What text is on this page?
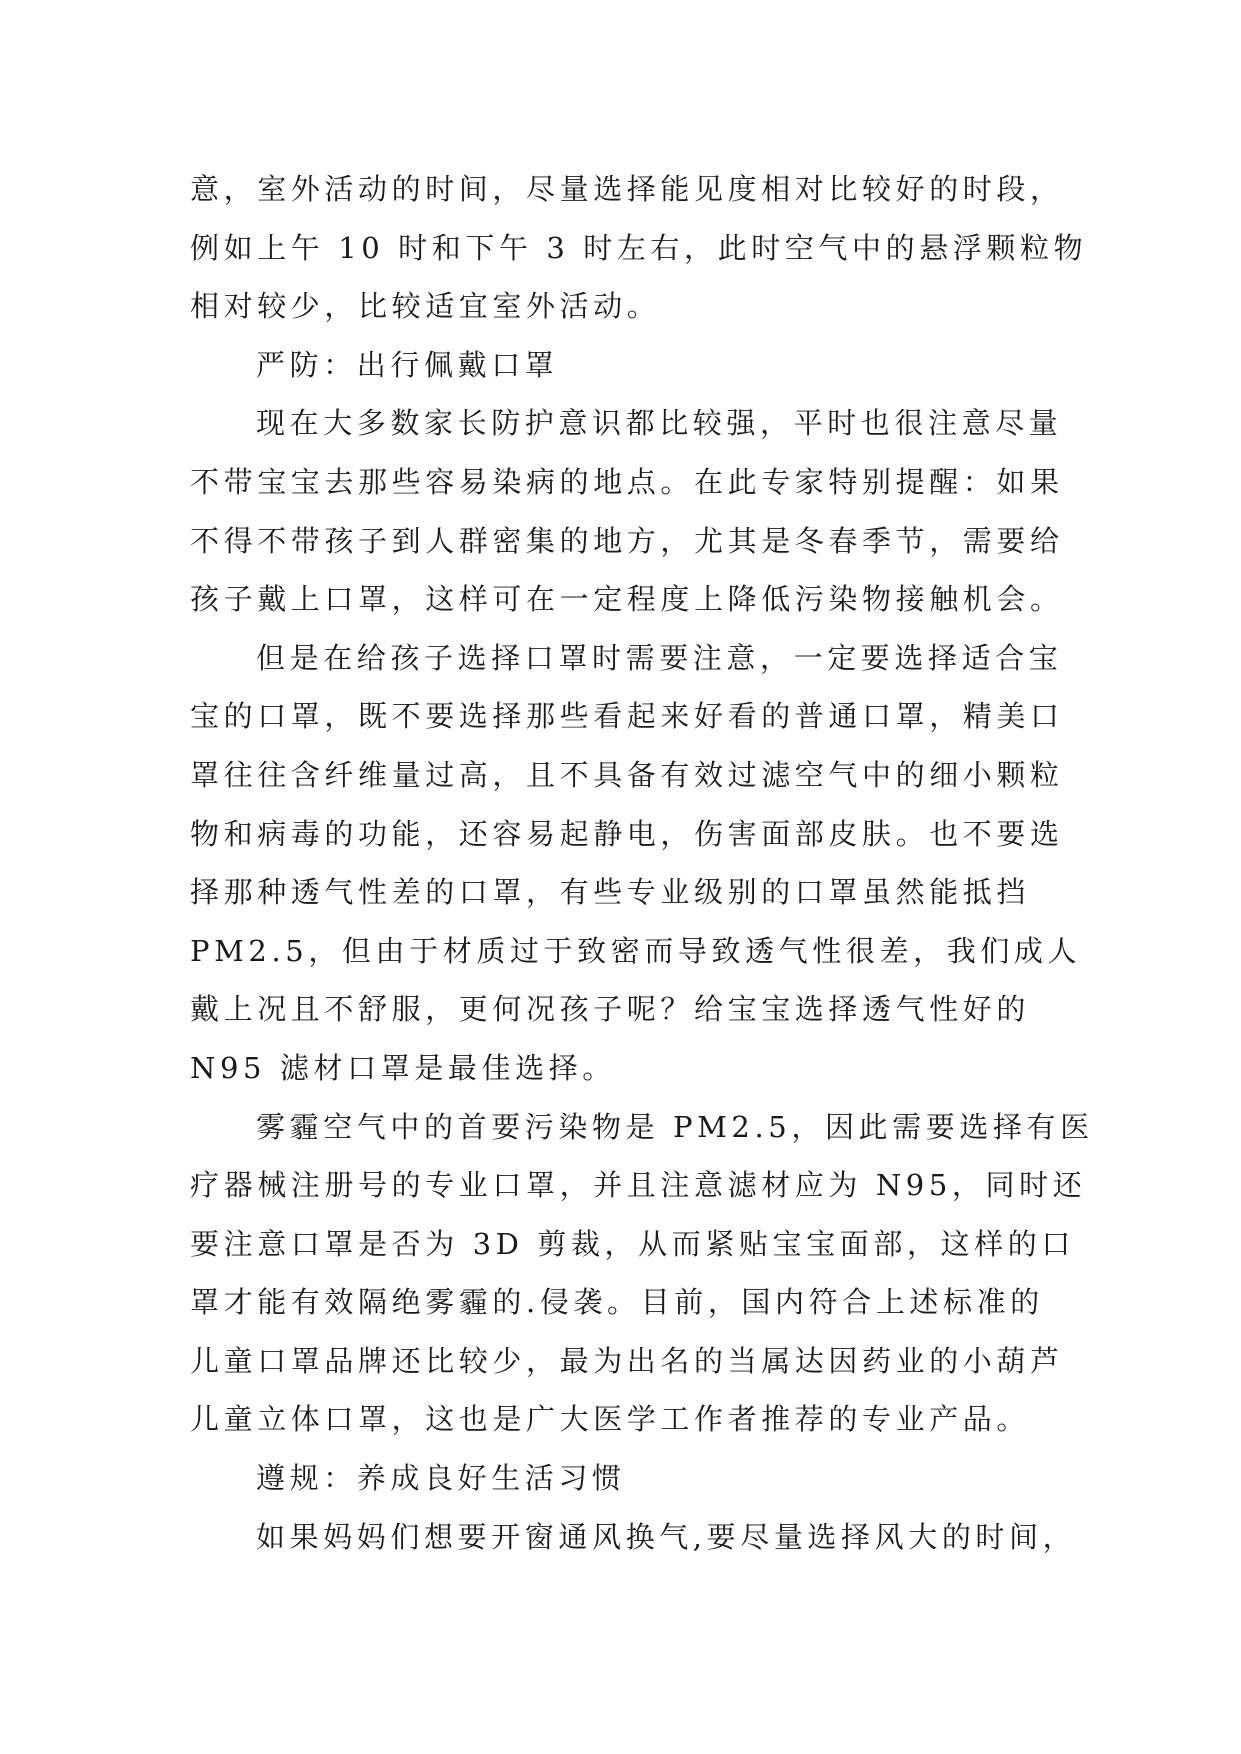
意，室外活动的时间，尽量选择能见度相对比较好的时段，
例如上午 10 时和下午 3 时左右，此时空气中的悬浮颗粒物
相对较少，比较适宜室外活动。
严防：出行佩戴口罩
现在大多数家长防护意识都比较强，平时也很注意尽量
不带宝宝去那些容易染病的地点。在此专家特别提醒：如果
不得不带孩子到人群密集的地方，尤其是冬春季节，需要给
孩子戴上口罩，这样可在一定程度上降低污染物接触机会。
但是在给孩子选择口罩时需要注意，一定要选择适合宝
宝的口罩，既不要选择那些看起来好看的普通口罩，精美口
罩往往含纤维量过高，且不具备有效过滤空气中的细小颗粒
物和病毒的功能，还容易起静电，伤害面部皮肤。也不要选
择那种透气性差的口罩，有些专业级别的口罩虽然能抵挡
PM2.5，但由于材质过于致密而导致透气性很差，我们成人
戴上况且不舒服，更何况孩子呢？给宝宝选择透气性好的
N95 滤材口罩是最佳选择。
雾霾空气中的首要污染物是 PM2.5，因此需要选择有医
疗器械注册号的专业口罩，并且注意滤材应为 N95，同时还
要注意口罩是否为 3D 剪裁，从而紧贴宝宝面部，这样的口
罩才能有效隔绝雾霾的.侵袭。目前，国内符合上述标准的
儿童口罩品牌还比较少，最为出名的当属达因药业的小葫芦
儿童立体口罩，这也是广大医学工作者推荐的专业产品。
遵规：养成良好生活习惯
如果妈妈们想要开窗通风换气,要尽量选择风大的时间，
